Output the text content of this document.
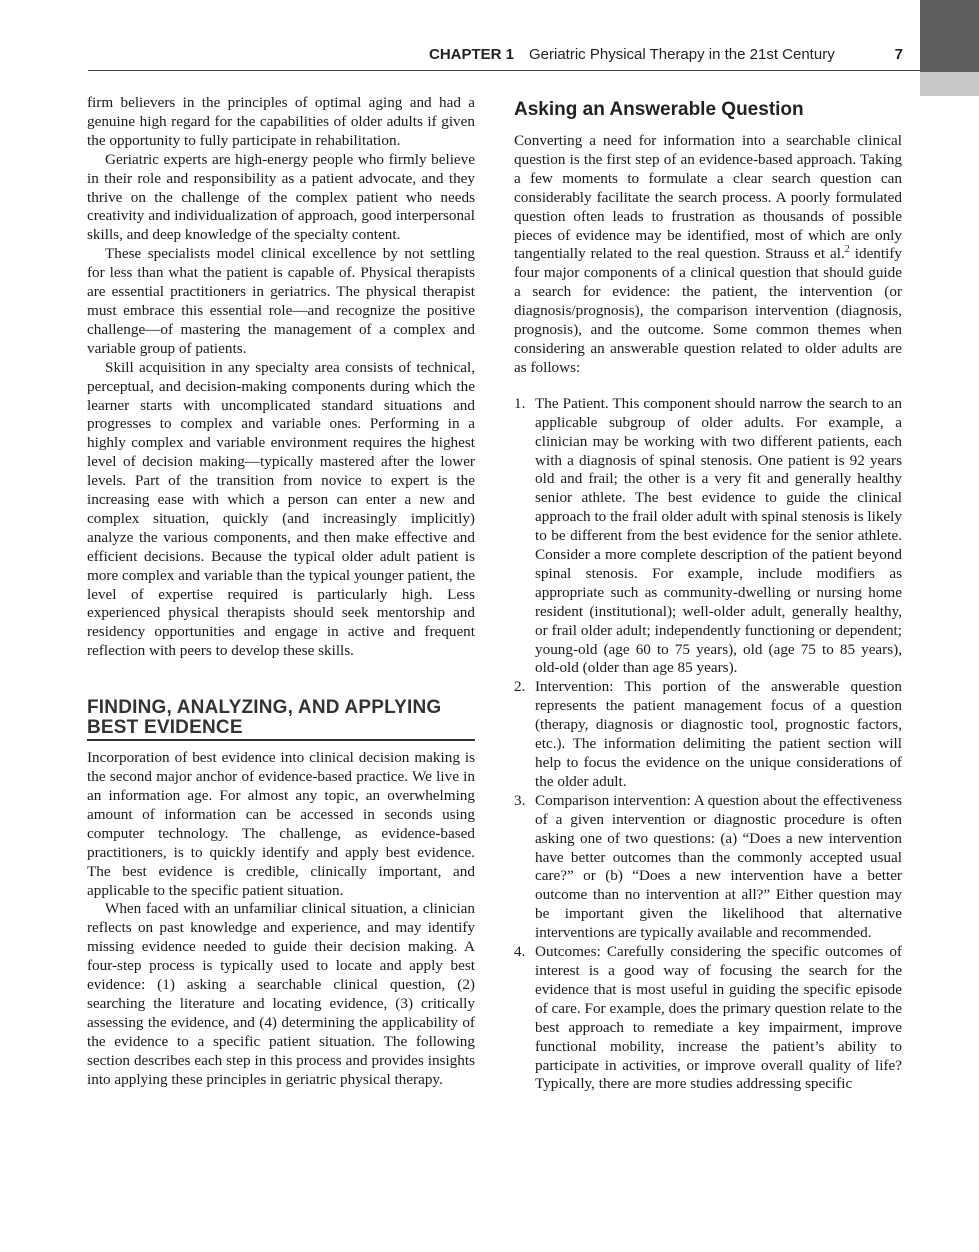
CHAPTER 1 Geriatric Physical Therapy in the 21st Century	7

firm believers in the principles of optimal aging and had a genuine high regard for the capabilities of older adults if given the opportunity to fully participate in rehabilitation.

Geriatric experts are high-energy people who firmly believe in their role and responsibility as a patient advocate, and they thrive on the challenge of the complex patient who needs creativity and individualization of approach, good interpersonal skills, and deep knowledge of the specialty content.

These specialists model clinical excellence by not settling for less than what the patient is capable of. Physical therapists are essential practitioners in geriatrics. The physical therapist must embrace this essential role—and recognize the positive challenge—of mastering the management of a complex and variable group of patients.

Skill acquisition in any specialty area consists of technical, perceptual, and decision-making components during which the learner starts with uncomplicated standard situations and progresses to complex and variable ones. Performing in a highly complex and variable environment requires the highest level of decision making—typically mastered after the lower levels. Part of the transition from novice to expert is the increasing ease with which a person can enter a new and complex situation, quickly (and increasingly implicitly) analyze the various components, and then make effective and efficient decisions. Because the typical older adult patient is more complex and variable than the typical younger patient, the level of expertise required is particularly high. Less experienced physical therapists should seek mentorship and residency opportunities and engage in active and frequent reflection with peers to develop these skills.

FINDING, ANALYZING, AND APPLYING BEST EVIDENCE

Incorporation of best evidence into clinical decision making is the second major anchor of evidence-based practice. We live in an information age. For almost any topic, an overwhelming amount of information can be accessed in seconds using computer technology. The challenge, as evidence-based practitioners, is to quickly identify and apply best evidence. The best evidence is credible, clinically important, and applicable to the specific patient situation.

When faced with an unfamiliar clinical situation, a clinician reflects on past knowledge and experience, and may identify missing evidence needed to guide their decision making. A four-step process is typically used to locate and apply best evidence: (1) asking a searchable clinical question, (2) searching the literature and locating evidence, (3) critically assessing the evidence, and (4) determining the applicability of the evidence to a specific patient situation. The following section describes each step in this process and provides insights into applying these principles in geriatric physical therapy.

Asking an Answerable Question

Converting a need for information into a searchable clinical question is the first step of an evidence-based approach. Taking a few moments to formulate a clear search question can considerably facilitate the search process. A poorly formulated question often leads to frustration as thousands of possible pieces of evidence may be identified, most of which are only tangentially related to the real question. Strauss et al.$^2$ identify four major components of a clinical question that should guide a search for evidence: the patient, the intervention (or diagnosis/prognosis), the comparison intervention (diagnosis, prognosis), and the outcome. Some common themes when considering an answerable question related to older adults are as follows:

1. The Patient. This component should narrow the search to an applicable subgroup of older adults. For example, a clinician may be working with two different patients, each with a diagnosis of spinal stenosis. One patient is 92 years old and frail; the other is a very fit and generally healthy senior athlete. The best evidence to guide the clinical approach to the frail older adult with spinal stenosis is likely to be different from the best evidence for the senior athlete. Consider a more complete description of the patient beyond spinal stenosis. For example, include modifiers as appropriate such as community-dwelling or nursing home resident (institutional); well-older adult, generally healthy, or frail older adult; independently functioning or dependent; young-old (age 60 to 75 years), old (age 75 to 85 years), old-old (older than age 85 years).
2. Intervention: This portion of the answerable question represents the patient management focus of a question (therapy, diagnosis or diagnostic tool, prognostic factors, etc.). The information delimiting the patient section will help to focus the evidence on the unique considerations of the older adult.
3. Comparison intervention: A question about the effectiveness of a given intervention or diagnostic procedure is often asking one of two questions: (a) “Does a new intervention have better outcomes than the commonly accepted usual care?” or (b) “Does a new intervention have a better outcome than no intervention at all?” Either question may be important given the likelihood that alternative interventions are typically available and recommended.
4. Outcomes: Carefully considering the specific outcomes of interest is a good way of focusing the search for the evidence that is most useful in guiding the specific episode of care. For example, does the primary question relate to the best approach to remediate a key impairment, improve functional mobility, increase the patient’s ability to participate in activities, or improve overall quality of life? Typically, there are more studies addressing specific
